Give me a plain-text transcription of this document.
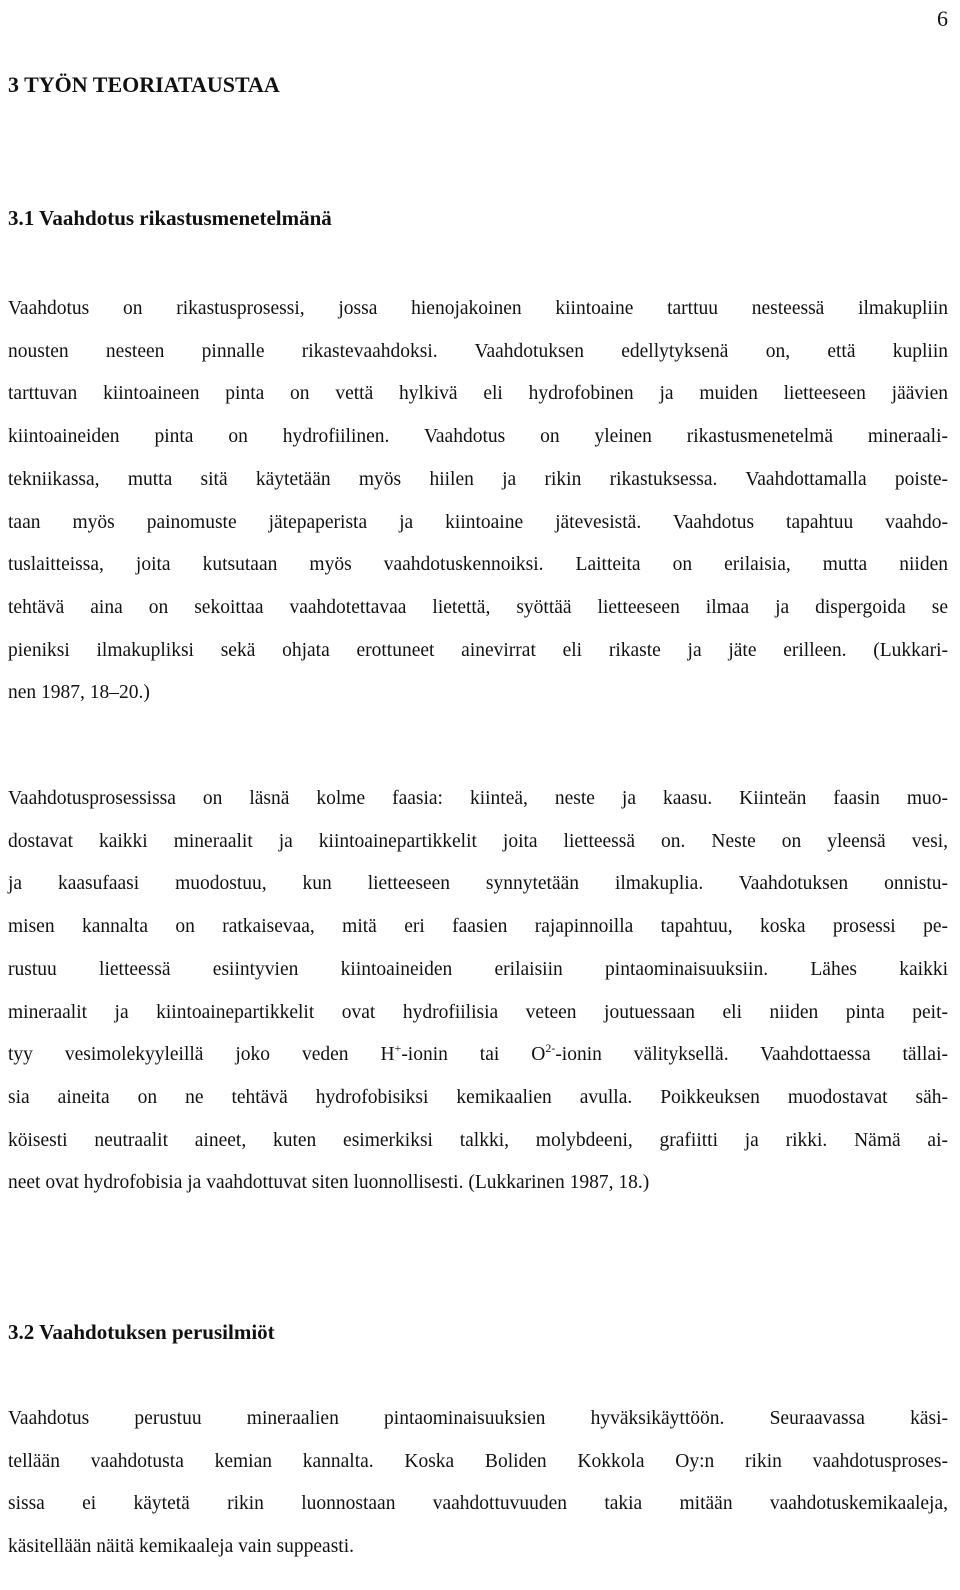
6
3 TYÖN TEORIATAUSTAA
3.1 Vaahdotus rikastusmenetelmänä
Vaahdotus on rikastusprosessi, jossa hienojakoinen kiintoaine tarttuu nesteessä ilmakupliin
nousten nesteen pinnalle rikastevaahdoksi. Vaahdotuksen edellytyksenä on, että kupliin
tarttuvan kiintoaineen pinta on vettä hylkivä eli hydrofobinen ja muiden lietteeseen jäävien
kiintoaineiden pinta on hydrofiilinen. Vaahdotus on yleinen rikastusmenetelmä mineraali-
tekniikassa, mutta sitä käytetään myös hiilen ja rikin rikastuksessa. Vaahdottamalla poiste-
taan myös painomuste jätepaperista ja kiintoaine jätevesistä. Vaahdotus tapahtuu vaahdo-
tuslaitteissa, joita kutsutaan myös vaahdotuskennoiksi. Laitteita on erilaisia, mutta niiden
tehtävä aina on sekoittaa vaahdotettavaa lietettä, syöttää lietteeseen ilmaa ja dispergoida se
pieniksi ilmakupliksi sekä ohjata erottuneet ainevirrat eli rikaste ja jäte erilleen. (Lukkari-
nen 1987, 18–20.)
Vaahdotusprosessissa on läsnä kolme faasia: kiinteä, neste ja kaasu. Kiinteän faasin muo-
dostavat kaikki mineraalit ja kiintoainepartikkelit joita lietteessä on. Neste on yleensä vesi,
ja kaasufaasi muodostuu, kun lietteeseen synnytetään ilmakuplia. Vaahdotuksen onnistu-
misen kannalta on ratkaisevaa, mitä eri faasien rajapinnoilla tapahtuu, koska prosessi pe-
rustuu lietteessä esiintyvien kiintoaineiden erilaisiin pintaominaisuuksiin. Lähes kaikki
mineraalit ja kiintoainepartikkelit ovat hydrofiilisia veteen joutuessaan eli niiden pinta peit-
tyy vesimolekyyleillä joko veden H+-ionin tai $O^{2-}$-ionin välityksellä. Vaahdottaessa tällai-
sia aineita on ne tehtävä hydrofobisiksi kemikaalien avulla. Poikkeuksen muodostavat säh-
köisesti neutraalit aineet, kuten esimerkiksi talkki, molybdeeni, grafiitti ja rikki. Nämä ai-
neet ovat hydrofobisia ja vaahdottuvat siten luonnollisesti. (Lukkarinen 1987, 18.)
3.2 Vaahdotuksen perusilmiöt
Vaahdotus perustuu mineraalien pintaominaisuuksien hyväksikäyttöön. Seuraavassa käsi-
tellään vaahdotusta kemian kannalta. Koska Boliden Kokkola Oy:n rikin vaahdotusproses-
sissa ei käytetä rikin luonnostaan vaahdottuvuuden takia mitään vaahdotuskemikaaleja,
käsitellään näitä kemikaaleja vain suppeasti.
